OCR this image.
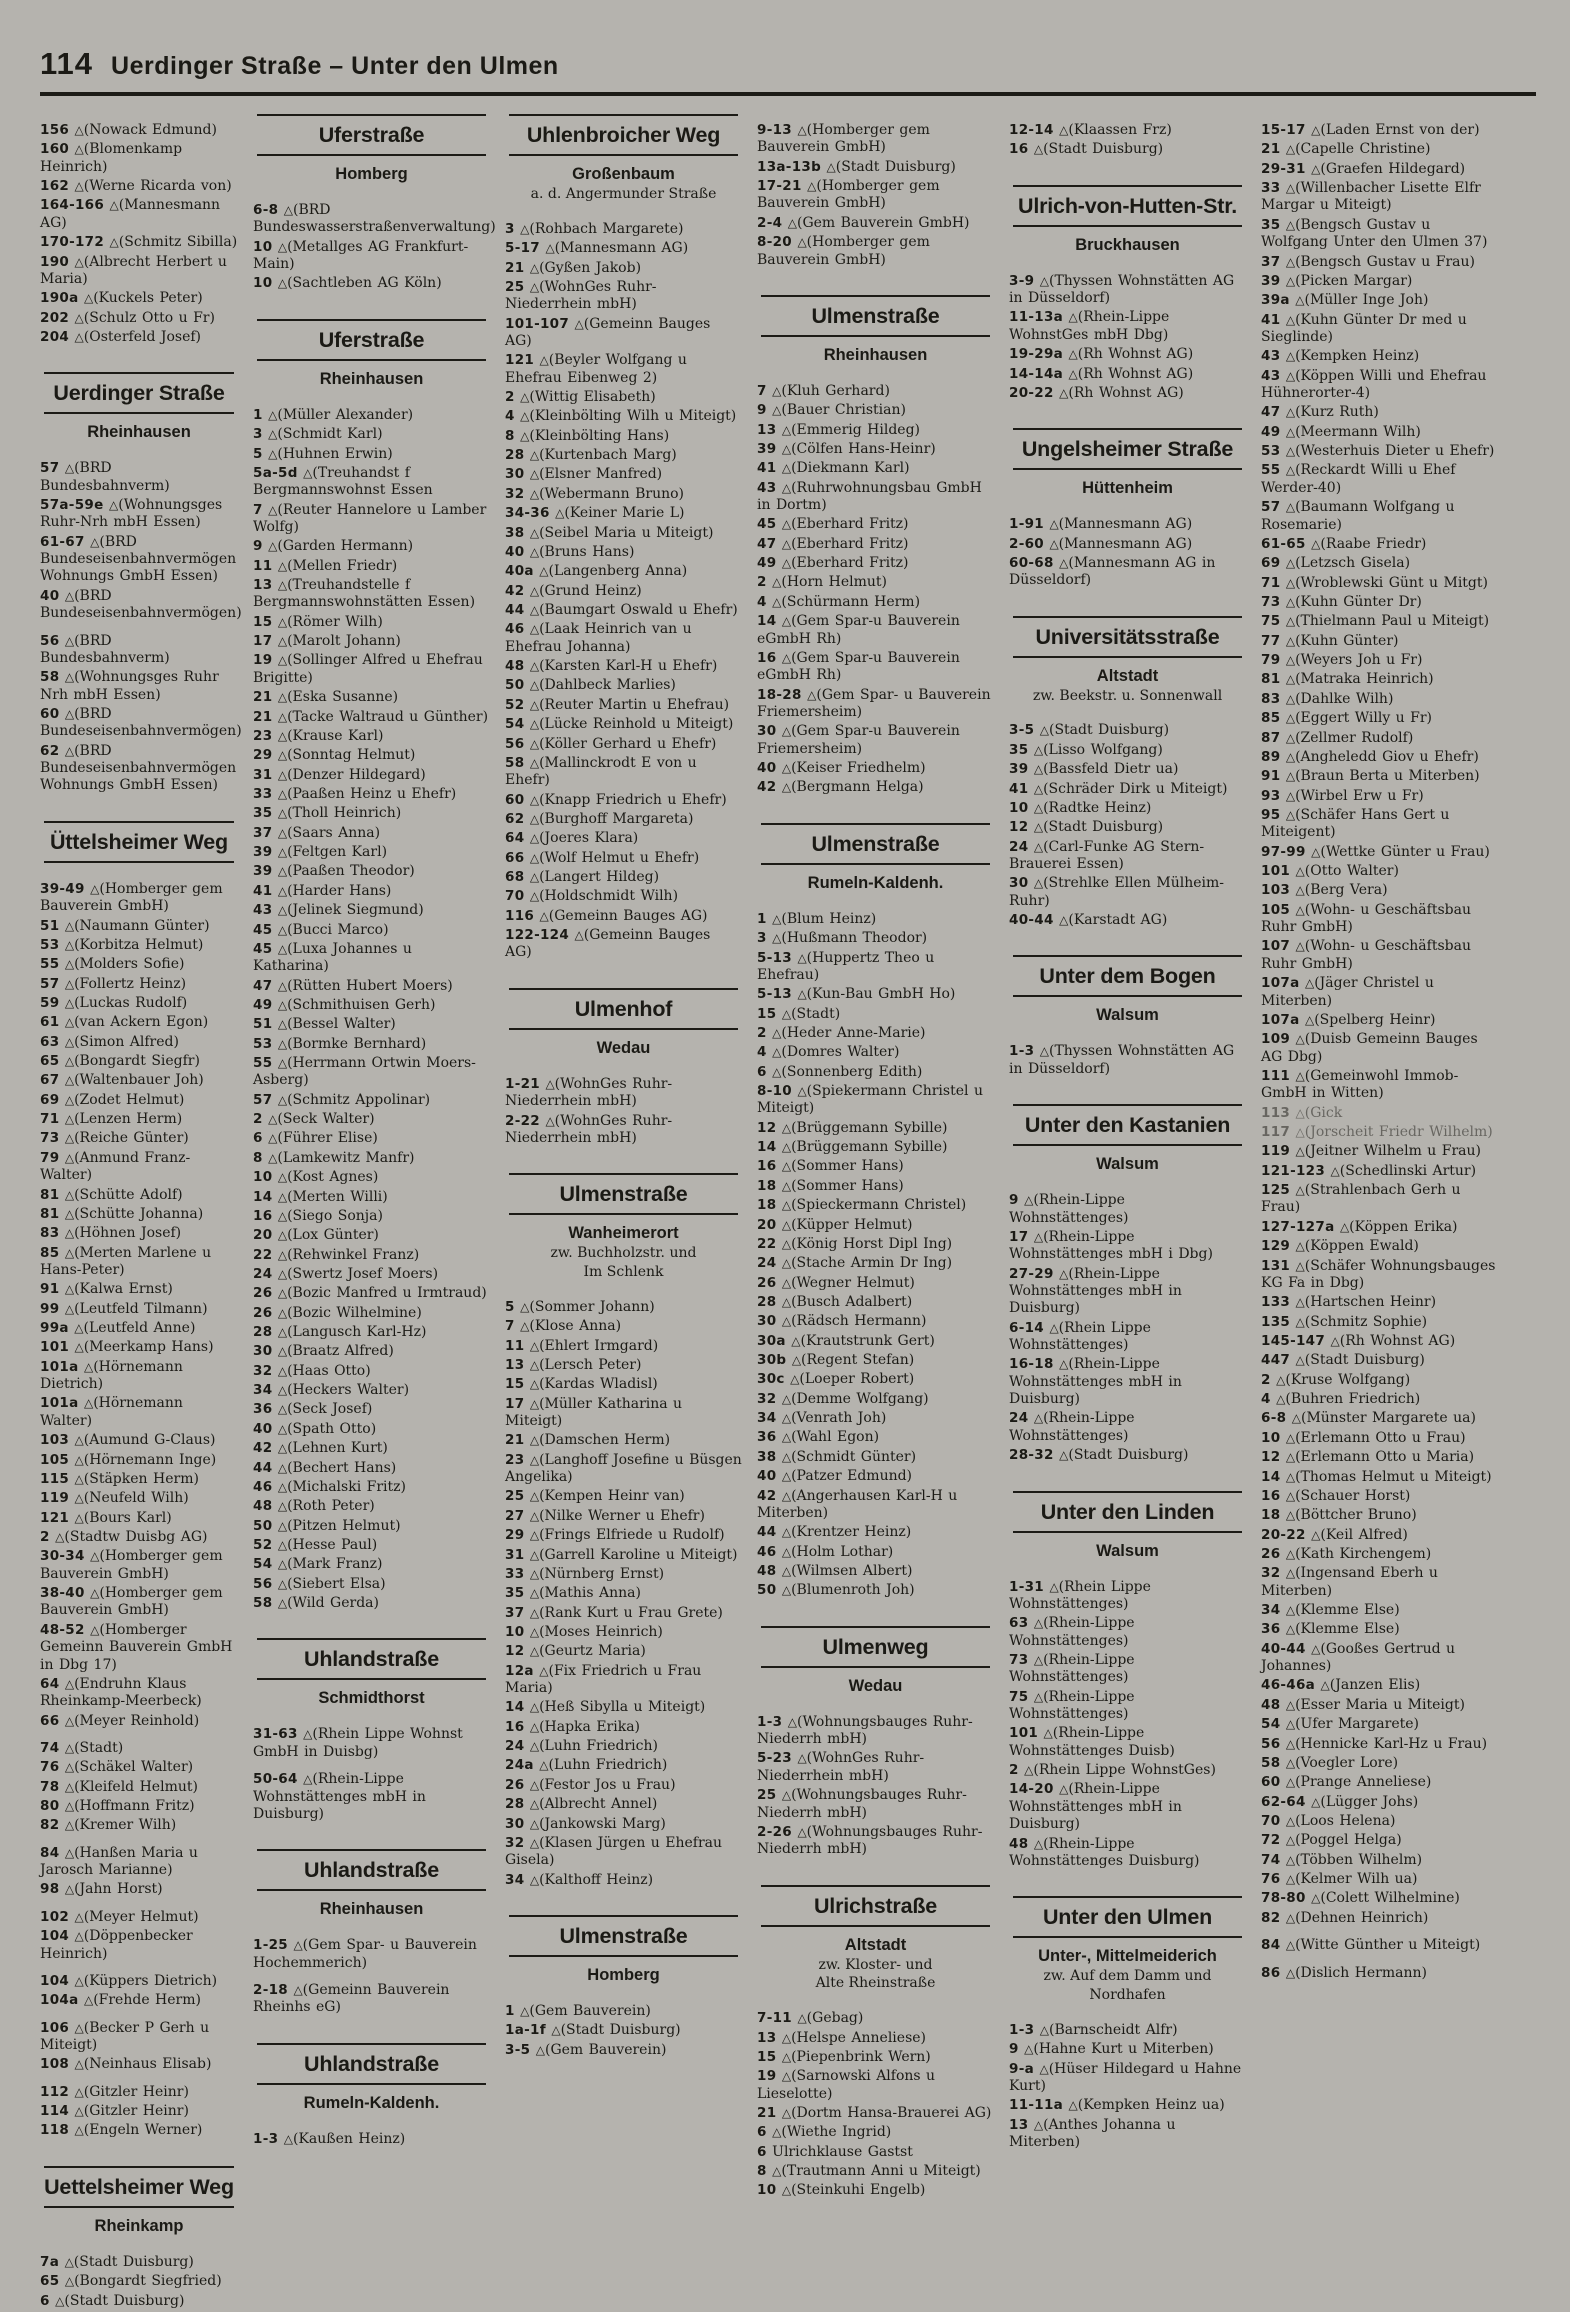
114 Uerdinger Straße – Unter den Ulmen

156 △(Nowack Edmund)

160 △(Blomenkamp Heinrich)

162 △(Werne Ricarda von)

164-166 △(Mannesmann AG)

170-172 △(Schmitz Sibilla)

190 △(Albrecht Herbert u Maria)

190a △(Kuckels Peter)

202 △(Schulz Otto u Fr)

204 △(Osterfeld Josef)

Uerdinger Straße
Rheinhausen

57 △(BRD Bundesbahnverm)

57a-59e △(Wohnungsges Ruhr-Nrh mbH Essen)

61-67 △(BRD Bundeseisenbahnvermögen Wohnungs GmbH Essen)

40 △(BRD Bundeseisenbahnvermögen)

56 △(BRD Bundesbahnverm)

58 △(Wohnungsges Ruhr Nrh mbH Essen)

60 △(BRD Bundeseisenbahnvermögen)

62 △(BRD Bundeseisenbahnvermögen Wohnungs GmbH Essen)

Üttelsheimer Weg

39-49 △(Homberger gem Bauverein GmbH)

51 △(Naumann Günter)

53 △(Korbitza Helmut)

55 △(Molders Sofie)

57 △(Follertz Heinz)

59 △(Luckas Rudolf)

61 △(van Ackern Egon)

63 △(Simon Alfred)

65 △(Bongardt Siegfr)

67 △(Waltenbauer Joh)

69 △(Zodet Helmut)

71 △(Lenzen Herm)

73 △(Reiche Günter)

79 △(Anmund Franz-Walter)

81 △(Schütte Adolf)

81 △(Schütte Johanna)

83 △(Höhnen Josef)

85 △(Merten Marlene u Hans-Peter)

91 △(Kalwa Ernst)

99 △(Leutfeld Tilmann)

99a △(Leutfeld Anne)

101 △(Meerkamp Hans)

101a △(Hörnemann Dietrich)

101a △(Hörnemann Walter)

103 △(Aumund G-Claus)

105 △(Hörnemann Inge)

115 △(Stäpken Herm)

119 △(Neufeld Wilh)

121 △(Bours Karl)

2 △(Stadtw Duisbg AG)

30-34 △(Homberger gem Bauverein GmbH)

38-40 △(Homberger gem Bauverein GmbH)

48-52 △(Homberger Gemeinn Bauverein GmbH in Dbg 17)

64 △(Endruhn Klaus Rheinkamp-Meerbeck)

66 △(Meyer Reinhold)

74 △(Stadt)

76 △(Schäkel Walter)

78 △(Kleifeld Helmut)

80 △(Hoffmann Fritz)

82 △(Kremer Wilh)

84 △(Hanßen Maria u Jarosch Marianne)

98 △(Jahn Horst)

102 △(Meyer Helmut)

104 △(Döppenbecker Heinrich)

104 △(Küppers Dietrich)

104a △(Frehde Herm)

106 △(Becker P Gerh u Miteigt)

108 △(Neinhaus Elisab)

112 △(Gitzler Heinr)

114 △(Gitzler Heinr)

118 △(Engeln Werner)

Uettelsheimer Weg
Rheinkamp

7a △(Stadt Duisburg)

65 △(Bongardt Siegfried)

6 △(Stadt Duisburg)

Uferstraße
Homberg

6-8 △(BRD Bundeswasserstraßenverwaltung)

10 △(Metallges AG Frankfurt-Main)

10 △(Sachtleben AG Köln)

Uferstraße
Rheinhausen

1 △(Müller Alexander)

3 △(Schmidt Karl)

5 △(Huhnen Erwin)

5a-5d △(Treuhandst f Bergmannswohnst Essen

7 △(Reuter Hannelore u Lamber Wolfg)

9 △(Garden Hermann)

11 △(Mellen Friedr)

13 △(Treuhandstelle f Bergmannswohnstätten Essen)

15 △(Römer Wilh)

17 △(Marolt Johann)

19 △(Sollinger Alfred u Ehefrau Brigitte)

21 △(Eska Susanne)

21 △(Tacke Waltraud u Günther)

23 △(Krause Karl)

29 △(Sonntag Helmut)

31 △(Denzer Hildegard)

33 △(Paaßen Heinz u Ehefr)

35 △(Tholl Heinrich)

37 △(Saars Anna)

39 △(Feltgen Karl)

39 △(Paaßen Theodor)

41 △(Harder Hans)

43 △(Jelinek Siegmund)

45 △(Bucci Marco)

45 △(Luxa Johannes u Katharina)

47 △(Rütten Hubert Moers)

49 △(Schmithuisen Gerh)

51 △(Bessel Walter)

53 △(Bormke Bernhard)

55 △(Herrmann Ortwin Moers-Asberg)

57 △(Schmitz Appolinar)

2 △(Seck Walter)

6 △(Führer Elise)

8 △(Lamkewitz Manfr)

10 △(Kost Agnes)

14 △(Merten Willi)

16 △(Siego Sonja)

20 △(Lox Günter)

22 △(Rehwinkel Franz)

24 △(Swertz Josef Moers)

26 △(Bozic Manfred u Irmtraud)

26 △(Bozic Wilhelmine)

28 △(Langusch Karl-Hz)

30 △(Braatz Alfred)

32 △(Haas Otto)

34 △(Heckers Walter)

36 △(Seck Josef)

40 △(Spath Otto)

42 △(Lehnen Kurt)

44 △(Bechert Hans)

46 △(Michalski Fritz)

48 △(Roth Peter)

50 △(Pitzen Helmut)

52 △(Hesse Paul)

54 △(Mark Franz)

56 △(Siebert Elsa)

58 △(Wild Gerda)

Uhlandstraße
Schmidthorst

31-63 △(Rhein Lippe Wohnst GmbH in Duisbg)

50-64 △(Rhein-Lippe Wohnstättenges mbH in Duisburg)

Uhlandstraße
Rheinhausen

1-25 △(Gem Spar- u Bauverein Hochemmerich)

2-18 △(Gemeinn Bauverein Rheinhs eG)

Uhlandstraße
Rumeln-Kaldenh.

1-3 △(Kaußen Heinz)

Uhlenbroicher Weg
Großenbaum
a. d. Angermunder Straße

3 △(Rohbach Margarete)

5-17 △(Mannesmann AG)

21 △(Gyßen Jakob)

25 △(WohnGes Ruhr-Niederrhein mbH)

101-107 △(Gemeinn Bauges AG)

121 △(Beyler Wolfgang u Ehefrau Eibenweg 2)

2 △(Wittig Elisabeth)

4 △(Kleinbölting Wilh u Miteigt)

8 △(Kleinbölting Hans)

28 △(Kurtenbach Marg)

30 △(Elsner Manfred)

32 △(Webermann Bruno)

34-36 △(Keiner Marie L)

38 △(Seibel Maria u Miteigt)

40 △(Bruns Hans)

40a △(Langenberg Anna)

42 △(Grund Heinz)

44 △(Baumgart Oswald u Ehefr)

46 △(Laak Heinrich van u Ehefrau Johanna)

48 △(Karsten Karl-H u Ehefr)

50 △(Dahlbeck Marlies)

52 △(Reuter Martin u Ehefrau)

54 △(Lücke Reinhold u Miteigt)

56 △(Köller Gerhard u Ehefr)

58 △(Mallinckrodt E von u Ehefr)

60 △(Knapp Friedrich u Ehefr)

62 △(Burghoff Margareta)

64 △(Joeres Klara)

66 △(Wolf Helmut u Ehefr)

68 △(Langert Hildeg)

70 △(Holdschmidt Wilh)

116 △(Gemeinn Bauges AG)

122-124 △(Gemeinn Bauges AG)

Ulmenhof
Wedau

1-21 △(WohnGes Ruhr-Niederrhein mbH)

2-22 △(WohnGes Ruhr-Niederrhein mbH)

Ulmenstraße
Wanheimerort
zw. Buchholzstr. und
Im Schlenk

5 △(Sommer Johann)

7 △(Klose Anna)

11 △(Ehlert Irmgard)

13 △(Lersch Peter)

15 △(Kardas Wladisl)

17 △(Müller Katharina u Miteigt)

21 △(Damschen Herm)

23 △(Langhoff Josefine u Büsgen Angelika)

25 △(Kempen Heinr van)

27 △(Nilke Werner u Ehefr)

29 △(Frings Elfriede u Rudolf)

31 △(Garrell Karoline u Miteigt)

33 △(Nürnberg Ernst)

35 △(Mathis Anna)

37 △(Rank Kurt u Frau Grete)

10 △(Moses Heinrich)

12 △(Geurtz Maria)

12a △(Fix Friedrich u Frau Maria)

14 △(Heß Sibylla u Miteigt)

16 △(Hapka Erika)

24 △(Luhn Friedrich)

24a △(Luhn Friedrich)

26 △(Festor Jos u Frau)

28 △(Albrecht Annel)

30 △(Jankowski Marg)

32 △(Klasen Jürgen u Ehefrau Gisela)

34 △(Kalthoff Heinz)

Ulmenstraße
Homberg

1 △(Gem Bauverein)

1a-1f △(Stadt Duisburg)

3-5 △(Gem Bauverein)

9-13 △(Homberger gem Bauverein GmbH)

13a-13b △(Stadt Duisburg)

17-21 △(Homberger gem Bauverein GmbH)

2-4 △(Gem Bauverein GmbH)

8-20 △(Homberger gem Bauverein GmbH)

Ulmenstraße
Rheinhausen

7 △(Kluh Gerhard)

9 △(Bauer Christian)

13 △(Emmerig Hildeg)

39 △(Cölfen Hans-Heinr)

41 △(Diekmann Karl)

43 △(Ruhrwohnungsbau GmbH in Dortm)

45 △(Eberhard Fritz)

47 △(Eberhard Fritz)

49 △(Eberhard Fritz)

2 △(Horn Helmut)

4 △(Schürmann Herm)

14 △(Gem Spar-u Bauverein eGmbH Rh)

16 △(Gem Spar-u Bauverein eGmbH Rh)

18-28 △(Gem Spar- u Bauverein Friemersheim)

30 △(Gem Spar-u Bauverein Friemersheim)

40 △(Keiser Friedhelm)

42 △(Bergmann Helga)

Ulmenstraße
Rumeln-Kaldenh.

1 △(Blum Heinz)

3 △(Hußmann Theodor)

5-13 △(Huppertz Theo u Ehefrau)

5-13 △(Kun-Bau GmbH Ho)

15 △(Stadt)

2 △(Heder Anne-Marie)

4 △(Domres Walter)

6 △(Sonnenberg Edith)

8-10 △(Spiekermann Christel u Miteigt)

12 △(Brüggemann Sybille)

14 △(Brüggemann Sybille)

16 △(Sommer Hans)

18 △(Sommer Hans)

18 △(Spieckermann Christel)

20 △(Küpper Helmut)

22 △(König Horst Dipl Ing)

24 △(Stache Armin Dr Ing)

26 △(Wegner Helmut)

28 △(Busch Adalbert)

30 △(Rädsch Hermann)

30a △(Krautstrunk Gert)

30b △(Regent Stefan)

30c △(Loeper Robert)

32 △(Demme Wolfgang)

34 △(Venrath Joh)

36 △(Wahl Egon)

38 △(Schmidt Günter)

40 △(Patzer Edmund)

42 △(Angerhausen Karl-H u Miterben)

44 △(Krentzer Heinz)

46 △(Holm Lothar)

48 △(Wilmsen Albert)

50 △(Blumenroth Joh)

Ulmenweg
Wedau

1-3 △(Wohnungsbauges Ruhr-Niederrh mbH)

5-23 △(WohnGes Ruhr-Niederrhein mbH)

25 △(Wohnungsbauges Ruhr-Niederrh mbH)

2-26 △(Wohnungsbauges Ruhr-Niederrh mbH)

Ulrichstraße
Altstadt
zw. Kloster- und
Alte Rheinstraße

7-11 △(Gebag)

13 △(Helspe Anneliese)

15 △(Piepenbrink Wern)

19 △(Sarnowski Alfons u Lieselotte)

21 △(Dortm Hansa-Brauerei AG)

6 △(Wiethe Ingrid)

6 Ulrichklause Gastst

8 △(Trautmann Anni u Miteigt)

10 △(Steinkuhi Engelb)

12-14 △(Klaassen Frz)

16 △(Stadt Duisburg)

Ulrich-von-Hutten-Str.
Bruckhausen

3-9 △(Thyssen Wohnstätten AG in Düsseldorf)

11-13a △(Rhein-Lippe WohnstGes mbH Dbg)

19-29a △(Rh Wohnst AG)

14-14a △(Rh Wohnst AG)

20-22 △(Rh Wohnst AG)

Ungelsheimer Straße
Hüttenheim

1-91 △(Mannesmann AG)

2-60 △(Mannesmann AG)

60-68 △(Mannesmann AG in Düsseldorf)

Universitätsstraße
Altstadt
zw. Beekstr. u. Sonnenwall

3-5 △(Stadt Duisburg)

35 △(Lisso Wolfgang)

39 △(Bassfeld Dietr ua)

41 △(Schräder Dirk u Miteigt)

10 △(Radtke Heinz)

12 △(Stadt Duisburg)

24 △(Carl-Funke AG Stern-Brauerei Essen)

30 △(Strehlke Ellen Mülheim-Ruhr)

40-44 △(Karstadt AG)

Unter dem Bogen
Walsum

1-3 △(Thyssen Wohnstätten AG in Düsseldorf)

Unter den Kastanien
Walsum

9 △(Rhein-Lippe Wohnstättenges)

17 △(Rhein-Lippe Wohnstättenges mbH i Dbg)

27-29 △(Rhein-Lippe Wohnstättenges mbH in Duisburg)

6-14 △(Rhein Lippe Wohnstättenges)

16-18 △(Rhein-Lippe Wohnstättenges mbH in Duisburg)

24 △(Rhein-Lippe Wohnstättenges)

28-32 △(Stadt Duisburg)

Unter den Linden
Walsum

1-31 △(Rhein Lippe Wohnstättenges)

63 △(Rhein-Lippe Wohnstättenges)

73 △(Rhein-Lippe Wohnstättenges)

75 △(Rhein-Lippe Wohnstättenges)

101 △(Rhein-Lippe Wohnstättenges Duisb)

2 △(Rhein Lippe WohnstGes)

14-20 △(Rhein-Lippe Wohnstättenges mbH in Duisburg)

48 △(Rhein-Lippe Wohnstättenges Duisburg)

Unter den Ulmen
Unter-, Mittelmeiderich
zw. Auf dem Damm und
Nordhafen

1-3 △(Barnscheidt Alfr)

9 △(Hahne Kurt u Miterben)

9-a △(Hüser Hildegard u Hahne Kurt)

11-11a △(Kempken Heinz ua)

13 △(Anthes Johanna u Miterben)

15-17 △(Laden Ernst von der)

21 △(Capelle Christine)

29-31 △(Graefen Hildegard)

33 △(Willenbacher Lisette Elfr Margar u Miteigt)

35 △(Bengsch Gustav u Wolfgang Unter den Ulmen 37)

37 △(Bengsch Gustav u Frau)

39 △(Picken Margar)

39a △(Müller Inge Joh)

41 △(Kuhn Günter Dr med u Sieglinde)

43 △(Kempken Heinz)

43 △(Köppen Willi und Ehefrau Hühnerorter-4)

47 △(Kurz Ruth)

49 △(Meermann Wilh)

53 △(Westerhuis Dieter u Ehefr)

55 △(Reckardt Willi u Ehef Werder-40)

57 △(Baumann Wolfgang u Rosemarie)

61-65 △(Raabe Friedr)

69 △(Letzsch Gisela)

71 △(Wroblewski Günt u Mitgt)

73 △(Kuhn Günter Dr)

75 △(Thielmann Paul u Miteigt)

77 △(Kuhn Günter)

79 △(Weyers Joh u Fr)

81 △(Matraka Heinrich)

83 △(Dahlke Wilh)

85 △(Eggert Willy u Fr)

87 △(Zellmer Rudolf)

89 △(Angheledd Giov u Ehefr)

91 △(Braun Berta u Miterben)

93 △(Wirbel Erw u Fr)

95 △(Schäfer Hans Gert u Miteigent)

97-99 △(Wettke Günter u Frau)

101 △(Otto Walter)

103 △(Berg Vera)

105 △(Wohn- u Geschäftsbau Ruhr GmbH)

107 △(Wohn- u Geschäftsbau Ruhr GmbH)

107a △(Jäger Christel u Miterben)

107a △(Spelberg Heinr)

109 △(Duisb Gemeinn Bauges AG Dbg)

111 △(Gemeinwohl Immob-GmbH in Witten)

113 △(Gick

117 △(Jorscheit Friedr Wilhelm)

119 △(Jeitner Wilhelm u Frau)

121-123 △(Schedlinski Artur)

125 △(Strahlenbach Gerh u Frau)

127-127a △(Köppen Erika)

129 △(Köppen Ewald)

131 △(Schäfer Wohnungsbauges KG Fa in Dbg)

133 △(Hartschen Heinr)

135 △(Schmitz Sophie)

145-147 △(Rh Wohnst AG)

447 △(Stadt Duisburg)

2 △(Kruse Wolfgang)

4 △(Buhren Friedrich)

6-8 △(Münster Margarete ua)

10 △(Erlemann Otto u Frau)

12 △(Erlemann Otto u Maria)

14 △(Thomas Helmut u Miteigt)

16 △(Schauer Horst)

18 △(Böttcher Bruno)

20-22 △(Keil Alfred)

26 △(Kath Kirchengem)

32 △(Ingensand Eberh u Miterben)

34 △(Klemme Else)

36 △(Klemme Else)

40-44 △(Gooßes Gertrud u Johannes)

46-46a △(Janzen Elis)

48 △(Esser Maria u Miteigt)

54 △(Ufer Margarete)

56 △(Hennicke Karl-Hz u Frau)

58 △(Voegler Lore)

60 △(Prange Anneliese)

62-64 △(Lügger Johs)

70 △(Loos Helena)

72 △(Poggel Helga)

74 △(Többen Wilhelm)

76 △(Kelmer Wilh ua)

78-80 △(Colett Wilhelmine)

82 △(Dehnen Heinrich)

84 △(Witte Günther u Miteigt)

86 △(Dislich Hermann)
